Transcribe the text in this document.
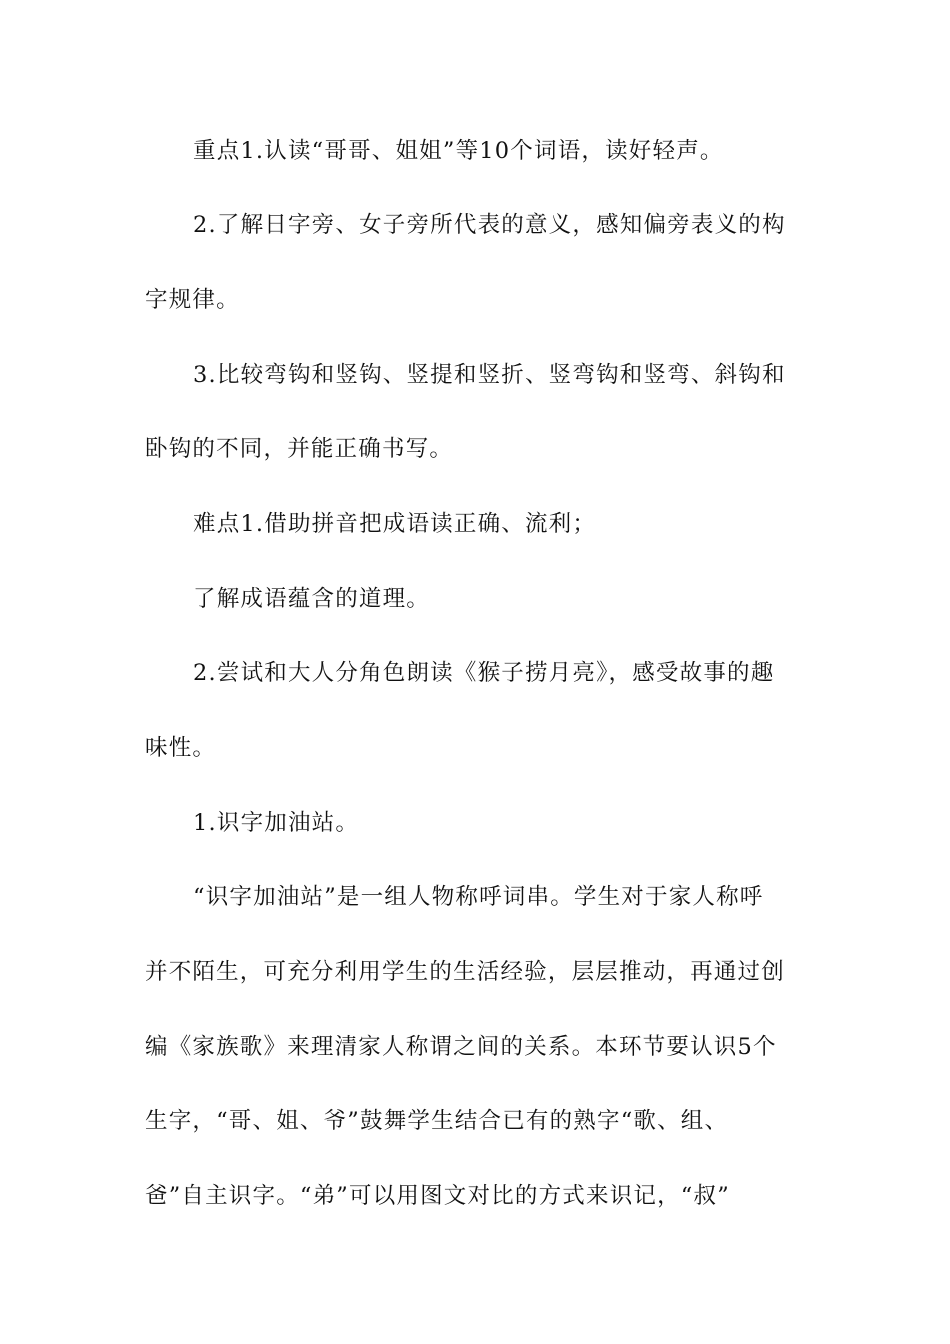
重点1.认读“哥哥、姐姐”等10个词语，读好轻声。
2.了解日字旁、女子旁所代表的意义，感知偏旁表义的构
字规律。
3.比较弯钩和竖钩、竖提和竖折、竖弯钩和竖弯、斜钩和
卧钩的不同，并能正确书写。
难点1.借助拼音把成语读正确、流利；
了解成语蕴含的道理。
2.尝试和大人分角色朗读《猴子捞月亮》，感受故事的趣
味性。
1.识字加油站。
“识字加油站”是一组人物称呼词串。学生对于家人称呼
并不陌生，可充分利用学生的生活经验，层层推动，再通过创
编《家族歌》来理清家人称谓之间的关系。本环节要认识5个
生字，“哥、姐、爷”鼓舞学生结合已有的熟字“歌、组、
爸”自主识字。“弟”可以用图文对比的方式来识记，“叔”
